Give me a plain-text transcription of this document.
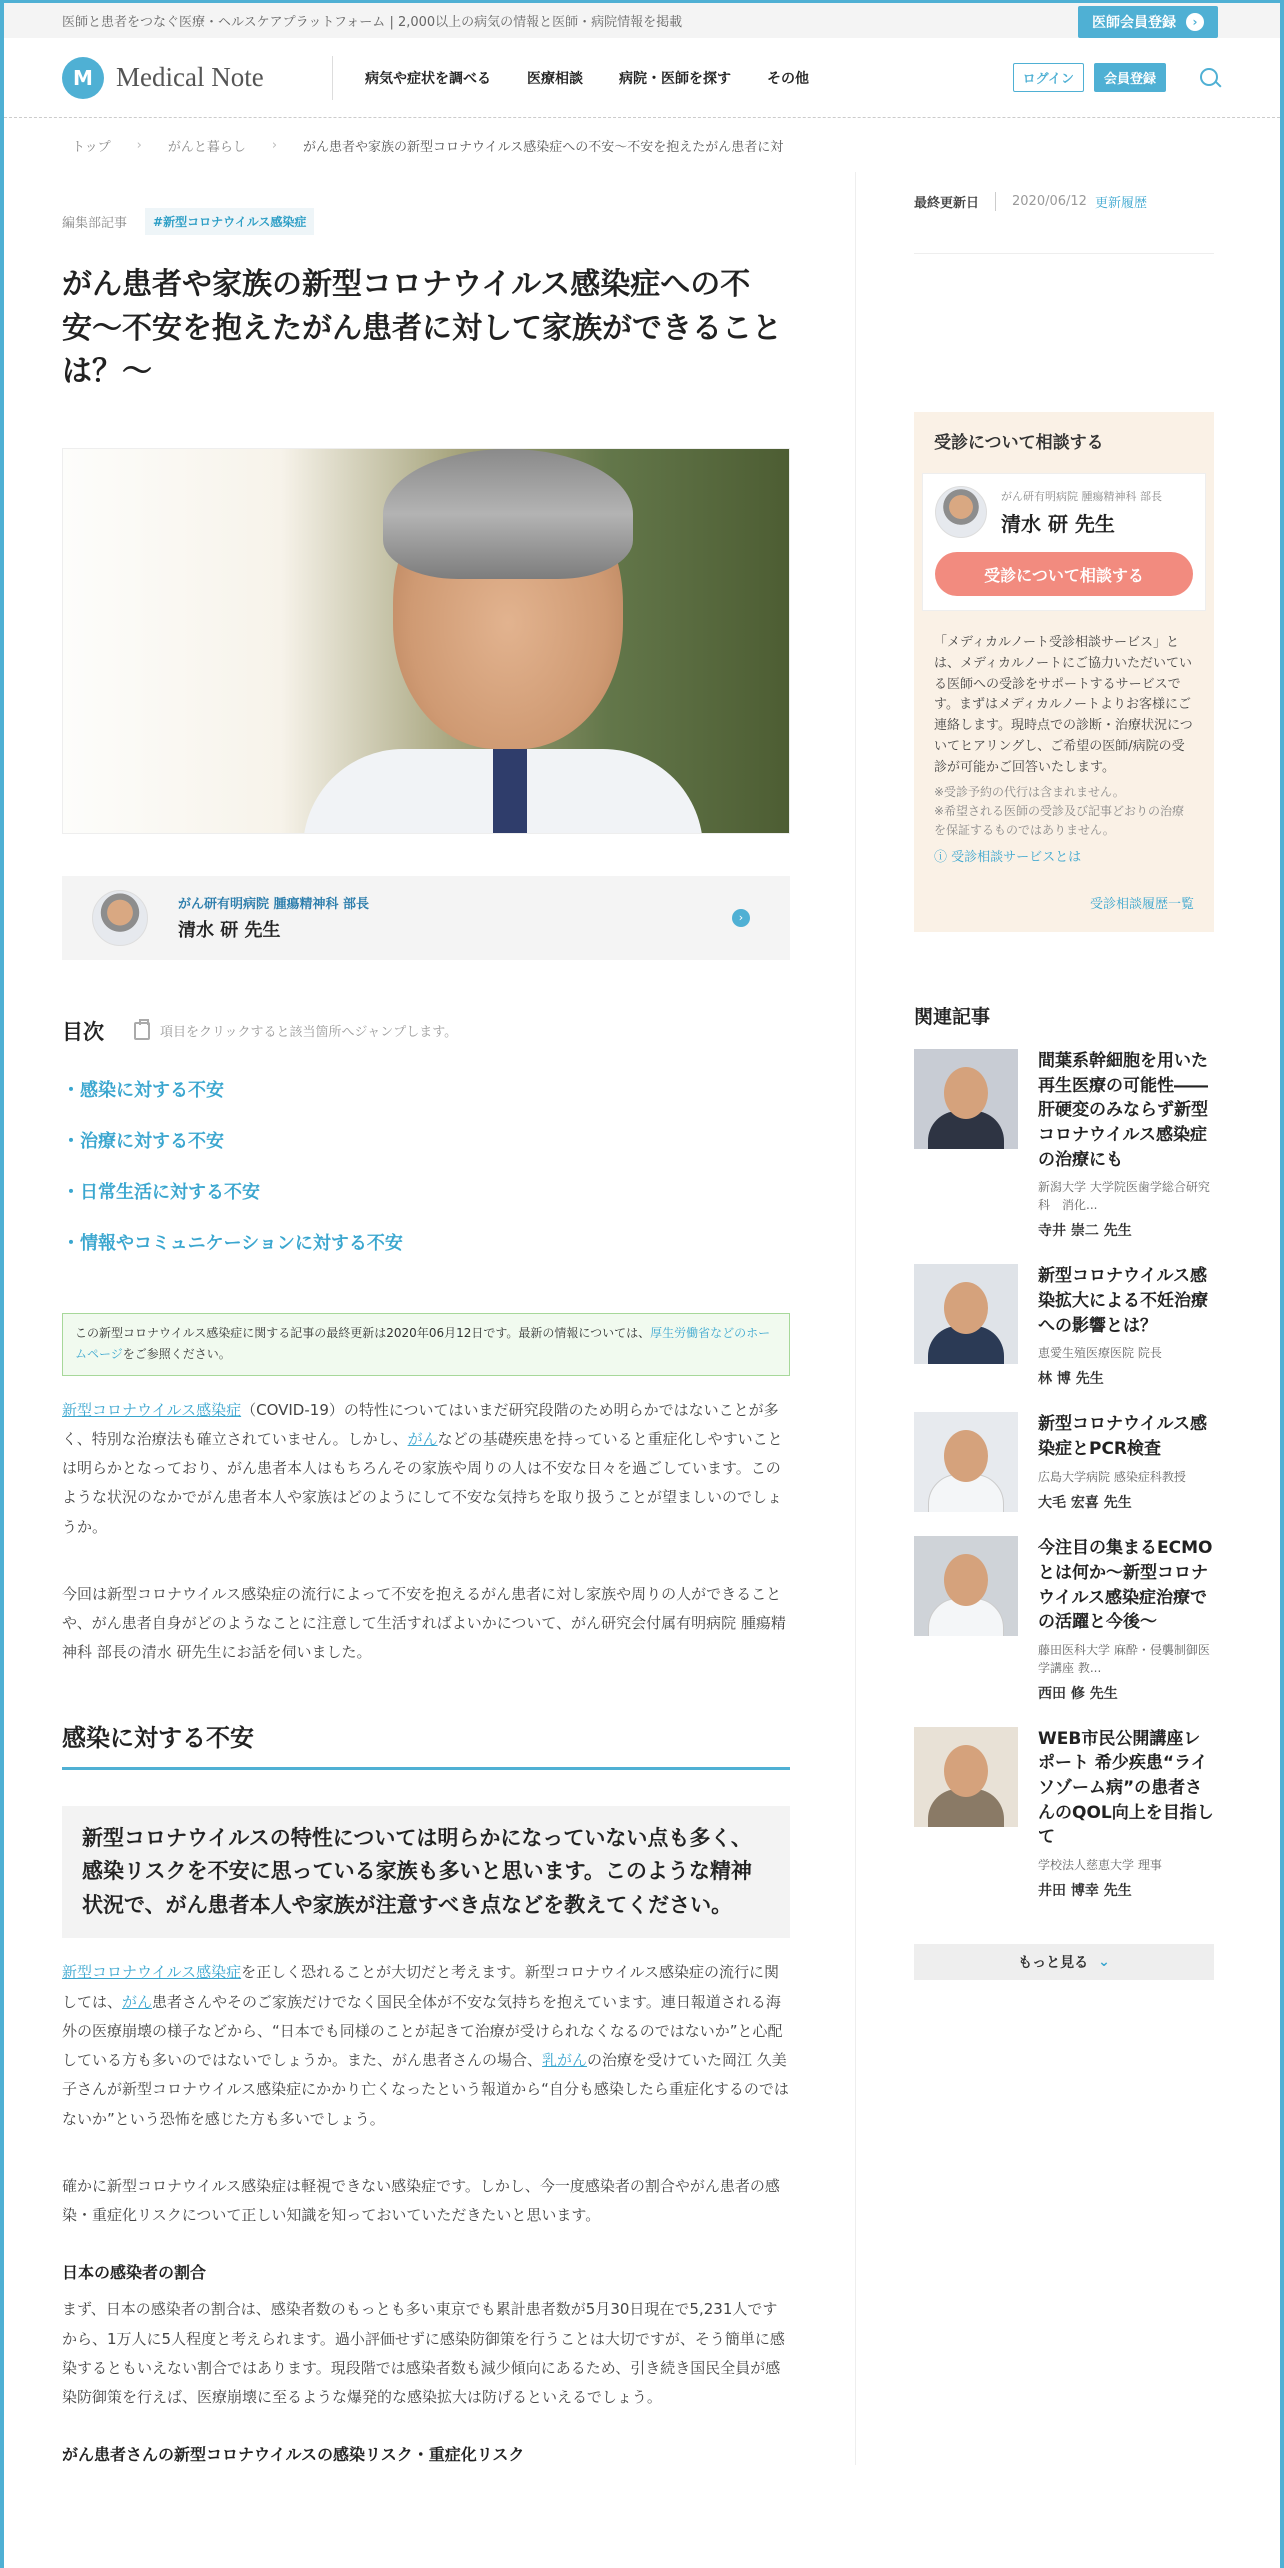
医師と患者をつなぐ医療・ヘルスケアプラットフォーム | 2,000以上の病気の情報と医師・病院情報を掲載	医師会員登録	›
M Medical Note	病気や症状を調べる	医療相談	病院・医師を探す	その他	ログイン	会員登録
トップ › がんと暮らし › がん患者や家族の新型コロナウイルス感染症への不安〜不安を抱えたがん患者に対
編集部記事	#新型コロナウイルス感染症
がん患者や家族の新型コロナウイルス感染症への不安〜不安を抱えたがん患者に対して家族ができることは？〜
がん研有明病院 腫瘍精神科 部長
清水 研 先生
›
目次	項目をクリックすると該当箇所へジャンプします。
・ 感染に対する不安
・ 治療に対する不安
・ 日常生活に対する不安
・ 情報やコミュニケーションに対する不安
この新型コロナウイルス感染症に関する記事の最終更新は2020年06月12日です。最新の情報については、厚生労働省などのホームページをご参照ください。

新型コロナウイルス感染症（COVID-19）の特性についてはいまだ研究段階のため明らかではないことが多く、特別な治療法も確立されていません。しかし、がんなどの基礎疾患を持っていると重症化しやすいことは明らかとなっており、がん患者本人はもちろんその家族や周りの人は不安な日々を過ごしています。このような状況のなかでがん患者本人や家族はどのようにして不安な気持ちを取り扱うことが望ましいのでしょうか。

今回は新型コロナウイルス感染症の流行によって不安を抱えるがん患者に対し家族や周りの人ができることや、がん患者自身がどのようなことに注意して生活すればよいかについて、がん研究会付属有明病院 腫瘍精神科 部長の清水 研先生にお話を伺いました。

感染に対する不安
新型コロナウイルスの特性については明らかになっていない点も多く、感染リスクを不安に思っている家族も多いと思います。このような精神状況で、がん患者本人や家族が注意すべき点などを教えてください。

新型コロナウイルス感染症を正しく恐れることが大切だと考えます。新型コロナウイルス感染症の流行に関しては、がん患者さんやそのご家族だけでなく国民全体が不安な気持ちを抱えています。連日報道される海外の医療崩壊の様子などから、“日本でも同様のことが起きて治療が受けられなくなるのではないか”と心配している方も多いのではないでしょうか。また、がん患者さんの場合、乳がんの治療を受けていた岡江 久美子さんが新型コロナウイルス感染症にかかり亡くなったという報道から“自分も感染したら重症化するのではないか”という恐怖を感じた方も多いでしょう。

確かに新型コロナウイルス感染症は軽視できない感染症です。しかし、今一度感染者の割合やがん患者の感染・重症化リスクについて正しい知識を知っておいていただきたいと思います。

日本の感染者の割合

まず、日本の感染者の割合は、感染者数のもっとも多い東京でも累計患者数が5月30日現在で5,231人ですから、1万人に5人程度と考えられます。過小評価せずに感染防御策を行うことは大切ですが、そう簡単に感染するともいえない割合ではあります。現段階では感染者数も減少傾向にあるため、引き続き国民全員が感染防御策を行えば、医療崩壊に至るような爆発的な感染拡大は防げるといえるでしょう。

がん患者さんの新型コロナウイルスの感染リスク・重症化リスク
最終更新日	2020/06/12 更新履歴
受診について相談する
がん研有明病院 腫瘍精神科 部長
清水 研 先生
受診について相談する

「メディカルノート受診相談サービス」とは、メディカルノートにご協力いただいている医師への受診をサポートするサービスです。まずはメディカルノートよりお客様にご連絡します。現時点での診断・治療状況についてヒアリングし、ご希望の医師/病院の受診が可能かご回答いたします。

※受診予約の代行は含まれません。

※希望される医師の受診及び記事どおりの治療を保証するものではありません。

ⓘ 受診相談サービスとは
受診相談履歴一覧
関連記事
間葉系幹細胞を用いた再生医療の可能性――肝硬変のみならず新型コロナウイルス感染症の治療にも
新潟大学 大学院医歯学総合研究科　消化...
寺井 崇二 先生
新型コロナウイルス感染拡大による不妊治療への影響とは？
恵愛生殖医療医院 院長
林 博 先生
新型コロナウイルス感染症とPCR検査
広島大学病院 感染症科教授
大毛 宏喜 先生
今注目の集まるECMOとは何か〜新型コロナウイルス感染症治療での活躍と今後〜
藤田医科大学 麻酔・侵襲制御医学講座 教...
西田 修 先生
WEB市民公開講座レポート 希少疾患“ライソゾーム病”の患者さんのQOL向上を目指して
学校法人慈恵大学 理事
井田 博幸 先生
もっと見る ⌄
